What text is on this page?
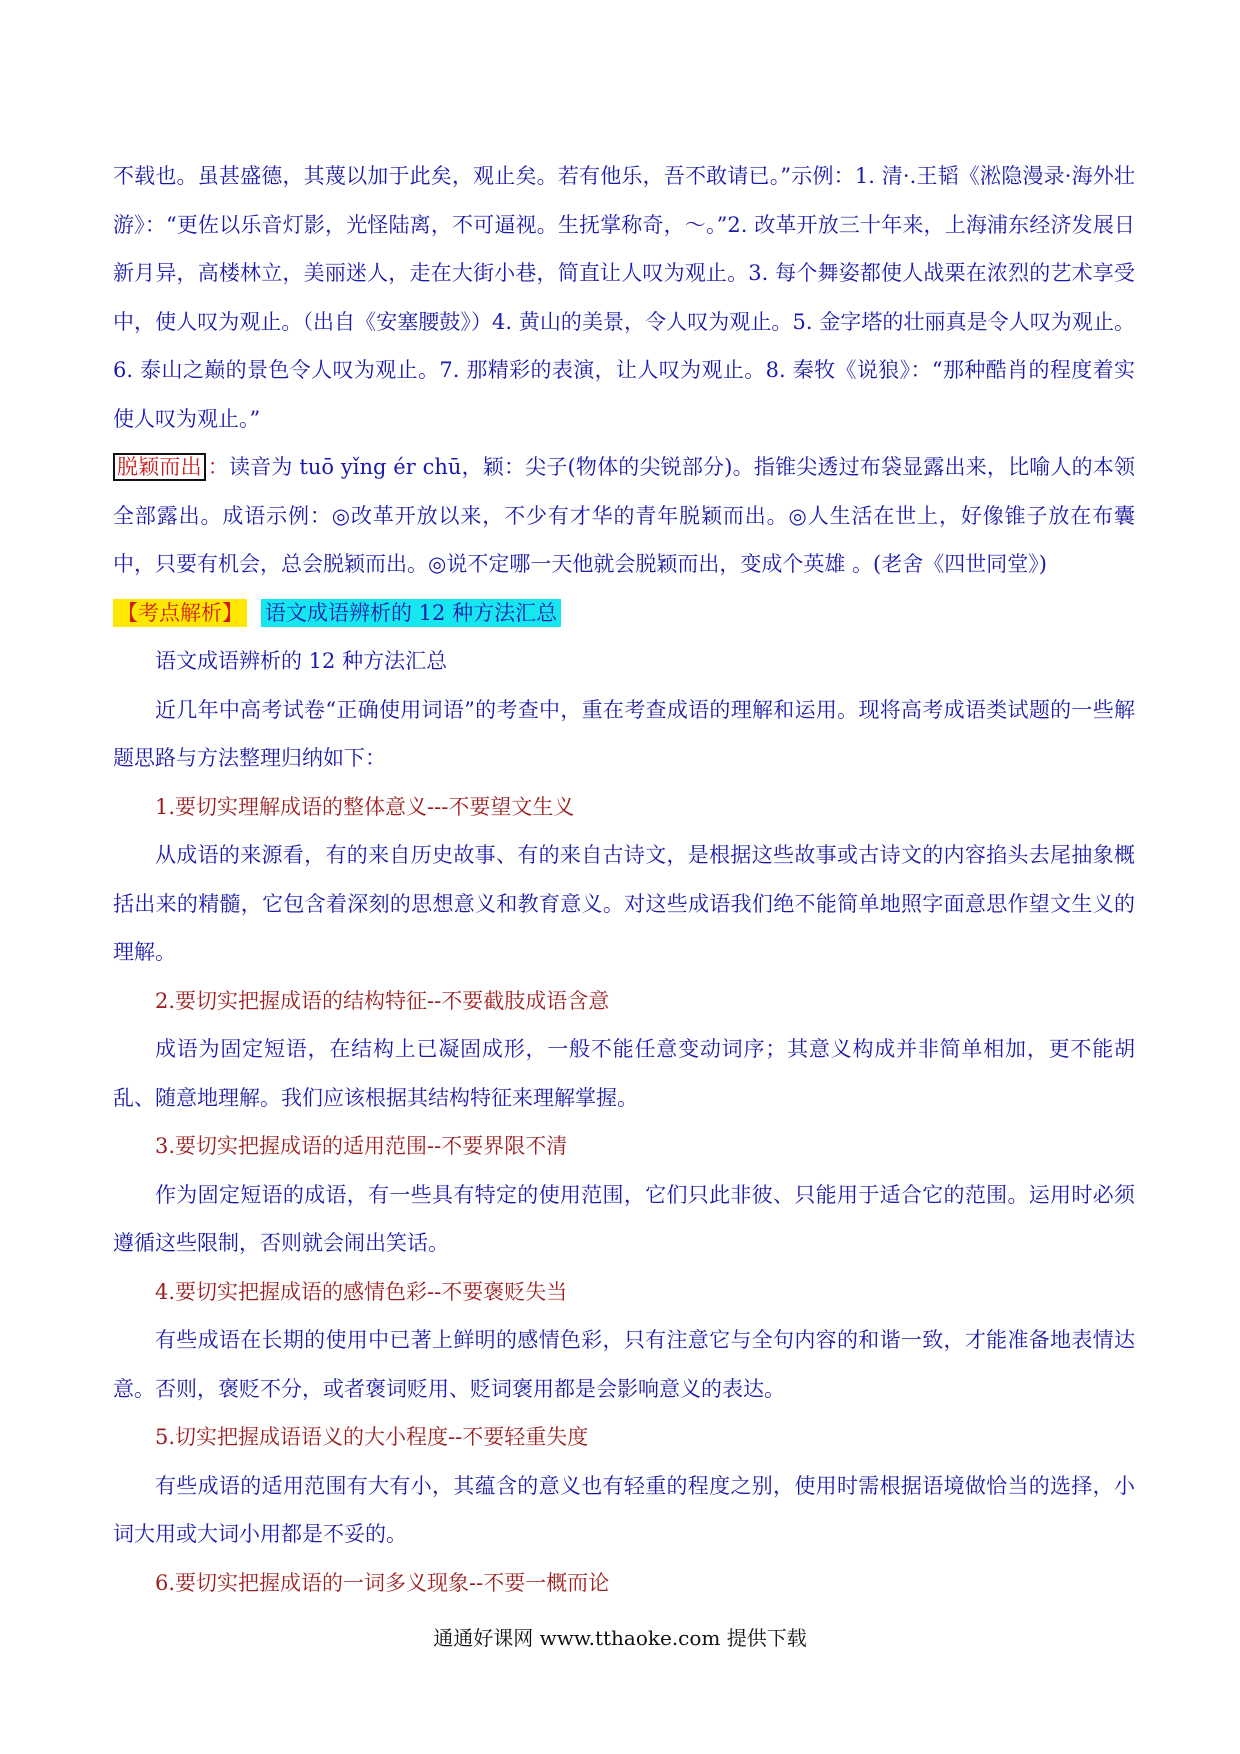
不载也。虽甚盛德，其蔑以加于此矣，观止矣。若有他乐，吾不敢请已。”示例：1. 清·.王韬《淞隐漫录·海外壮游》：“更佐以乐音灯影，光怪陆离，不可逼视。生抚掌称奇，～。”2. 改革开放三十年来，上海浦东经济发展日新月异，高楼林立，美丽迷人，走在大街小巷，简直让人叹为观止。3. 每个舞姿都使人战栗在浓烈的艺术享受中，使人叹为观止。（出自《安塞腰鼓》）4. 黄山的美景，令人叹为观止。5. 金字塔的壮丽真是令人叹为观止。6. 泰山之巅的景色令人叹为观止。7. 那精彩的表演，让人叹为观止。8. 秦牧《说狼》：“那种酷肖的程度着实使人叹为观止。”

脱颖而出 ：读音为 tuō yǐng ér chū，颖：尖子(物体的尖锐部分)。指锥尖透过布袋显露出来，比喻人的本领全部露出。成语示例：◎改革开放以来，不少有才华的青年脱颖而出。◎人生活在世上，好像锥子放在布囊中，只要有机会，总会脱颖而出。◎说不定哪一天他就会脱颖而出，变成个英雄 。(老舍《四世同堂》)

【考点解析】 语文成语辨析的 12 种方法汇总

语文成语辨析的 12 种方法汇总

近几年中高考试卷“正确使用词语”的考查中，重在考查成语的理解和运用。现将高考成语类试题的一些解题思路与方法整理归纳如下：

1.要切实理解成语的整体意义---不要望文生义

从成语的来源看，有的来自历史故事、有的来自古诗文，是根据这些故事或古诗文的内容掐头去尾抽象概括出来的精髓，它包含着深刻的思想意义和教育意义。对这些成语我们绝不能简单地照字面意思作望文生义的理解。

2.要切实把握成语的结构特征--不要截肢成语含意

成语为固定短语，在结构上已凝固成形，一般不能任意变动词序；其意义构成并非简单相加，更不能胡乱、随意地理解。我们应该根据其结构特征来理解掌握。

3.要切实把握成语的适用范围--不要界限不清

作为固定短语的成语，有一些具有特定的使用范围，它们只此非彼、只能用于适合它的范围。运用时必须遵循这些限制，否则就会闹出笑话。

4.要切实把握成语的感情色彩--不要褒贬失当

有些成语在长期的使用中已著上鲜明的感情色彩，只有注意它与全句内容的和谐一致，才能准备地表情达意。否则，褒贬不分，或者褒词贬用、贬词褒用都是会影响意义的表达。

5.切实把握成语语义的大小程度--不要轻重失度

有些成语的适用范围有大有小，其蕴含的意义也有轻重的程度之别，使用时需根据语境做恰当的选择，小词大用或大词小用都是不妥的。

6.要切实把握成语的一词多义现象--不要一概而论

通通好课网 www.tthaoke.com 提供下载
